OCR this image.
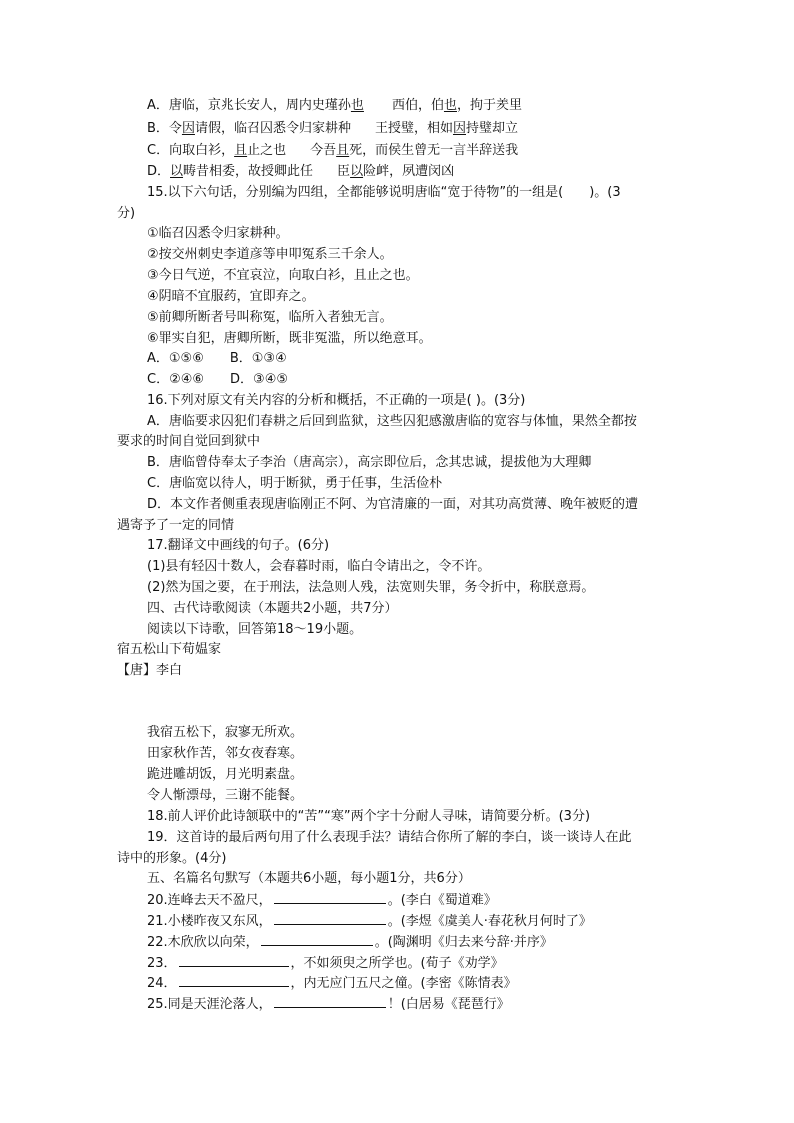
A．唐临，京兆长安人，周内史瑾孙也 西伯，伯也，拘于羑里
B．令因请假，临召囚悉令归家耕种 王授璧，相如因持璧却立
C．向取白衫，且止之也 今吾且死，而侯生曾无一言半辞送我
D．以畴昔相委，故授卿此任 臣以险衅，夙遭闵凶
15.以下六句话，分别编为四组，全都能够说明唐临“宽于待物”的一组是(　　)。(3
分)
①临召囚悉令归家耕种。
②按交州刺史李道彦等申叩冤系三千余人。
③今日气逆，不宜哀泣，向取白衫，且止之也。
④阴暗不宜服药，宜即弃之。
⑤前卿所断者号叫称冤，临所入者独无言。
⑥罪实自犯，唐卿所断，既非冤滥，所以绝意耳。
A．①⑤⑥　　B．①③④
C．②④⑥　　D．③④⑤
16.下列对原文有关内容的分析和概括，不正确的一项是( )。(3分)
A．唐临要求囚犯们春耕之后回到监狱，这些囚犯感激唐临的宽容与体恤，果然全都按
要求的时间自觉回到狱中
B．唐临曾侍奉太子李治（唐高宗），高宗即位后，念其忠诚，提拔他为大理卿
C．唐临宽以待人，明于断狱，勇于任事，生活俭朴
D．本文作者侧重表现唐临刚正不阿、为官清廉的一面，对其功高赏薄、晚年被贬的遭
遇寄予了一定的同情
17.翻译文中画线的句子。(6分)
(1)县有轻囚十数人，会春暮时雨，临白令请出之，令不许。
(2)然为国之要，在于刑法，法急则人残，法宽则失罪，务令折中，称朕意焉。
四、古代诗歌阅读（本题共2小题，共7分）
阅读以下诗歌，回答第18～19小题。
宿五松山下荀媪家
【唐】李白
我宿五松下，寂寥无所欢。
田家秋作苦，邻女夜舂寒。
跪进雕胡饭，月光明素盘。
令人惭漂母，三谢不能餐。
18.前人评价此诗颔联中的“苦”“寒”两个字十分耐人寻味，请简要分析。(3分)
19．这首诗的最后两句用了什么表现手法？请结合你所了解的李白，谈一谈诗人在此
诗中的形象。(4分)
五、名篇名句默写（本题共6小题，每小题1分，共6分）
20.连峰去天不盈尺，	。(李白《蜀道难》
21.小楼昨夜又东风，	。(李煜《虞美人·春花秋月何时了》
22.木欣欣以向荣，	。(陶渊明《归去来兮辞·并序》
23．	，不如须臾之所学也。(荀子《劝学》
24．	，内无应门五尺之僮。(李密《陈情表》
25.同是天涯沦落人，	！(白居易《琵琶行》
